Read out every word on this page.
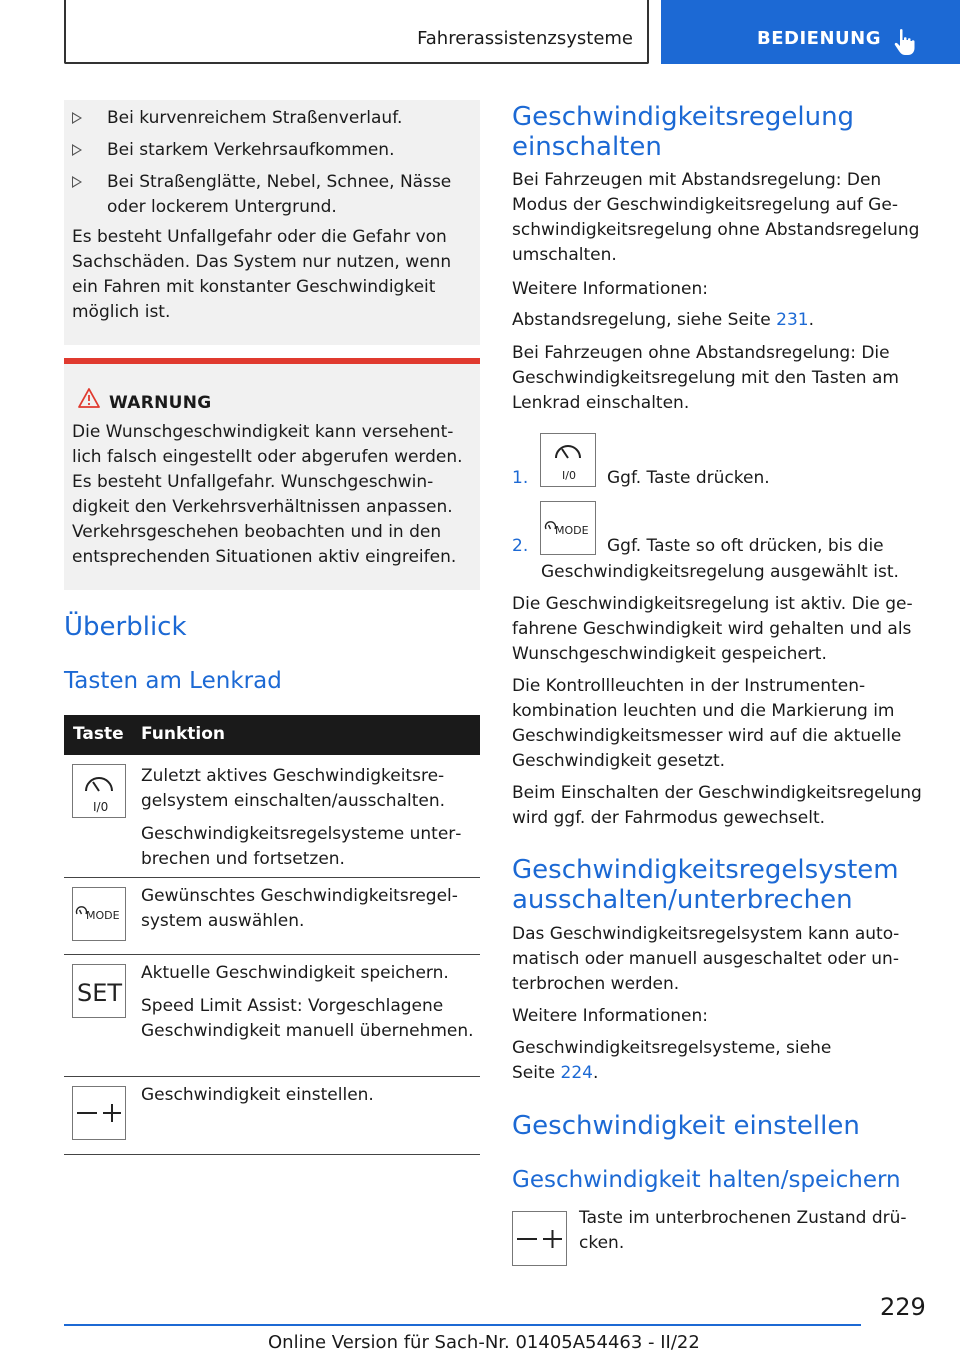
Fahrerassistenzsysteme	BEDIENUNG
Bei kurvenreichem Straßenverlauf.
Bei starkem Verkehrsaufkommen.
Bei Straßenglätte, Nebel, Schnee, Nässe oder lockerem Untergrund.
Es besteht Unfallgefahr oder die Gefahr von Sachschäden. Das System nur nutzen, wenn ein Fahren mit konstanter Geschwindigkeit möglich ist.
WARNUNG
Die Wunschgeschwindigkeit kann versehentlich falsch eingestellt oder abgerufen werden. Es besteht Unfallgefahr. Wunschgeschwindigkeit den Verkehrsverhältnissen anpassen. Verkehrsgeschehen beobachten und in den entsprechenden Situationen aktiv eingreifen.
Überblick
Tasten am Lenkrad
Taste Funktion
I/0
Zuletzt aktives Geschwindigkeitsregelsystem einschalten/ausschalten.
Geschwindigkeitsregelsysteme unterbrechen und fortsetzen.
MODE
Gewünschtes Geschwindigkeitsregelsystem auswählen.
SET
Aktuelle Geschwindigkeit speichern.
Speed Limit Assist: Vorgeschlagene Geschwindigkeit manuell übernehmen.
Geschwindigkeit einstellen.
Geschwindigkeitsregelung einschalten
Bei Fahrzeugen mit Abstandsregelung: Den Modus der Geschwindigkeitsregelung auf Geschwindigkeitsregelung ohne Abstandsregelung umschalten.
Weitere Informationen:
Abstandsregelung, siehe Seite 231.
Bei Fahrzeugen ohne Abstandsregelung: Die Geschwindigkeitsregelung mit den Tasten am Lenkrad einschalten.
1.	I/0 Ggf. Taste drücken.
2.
MODE
Ggf. Taste so oft drücken, bis die
Geschwindigkeitsregelung ausgewählt ist.
Die Geschwindigkeitsregelung ist aktiv. Die gefahrene Geschwindigkeit wird gehalten und als Wunschgeschwindigkeit gespeichert.
Die Kontrollleuchten in der Instrumentenkombination leuchten und die Markierung im Geschwindigkeitsmesser wird auf die aktuelle Geschwindigkeit gesetzt.
Beim Einschalten der Geschwindigkeitsregelung wird ggf. der Fahrmodus gewechselt.
Geschwindigkeitsregelsystem ausschalten/unterbrechen
Das Geschwindigkeitsregelsystem kann automatisch oder manuell ausgeschaltet oder unterbrochen werden.
Weitere Informationen:
Geschwindigkeitsregelsysteme, siehe
Seite 224.
Geschwindigkeit einstellen
Geschwindigkeit halten/speichern
Taste im unterbrochenen Zustand drücken.
229
Online Version für Sach-Nr. 01405A54463 - II/22
